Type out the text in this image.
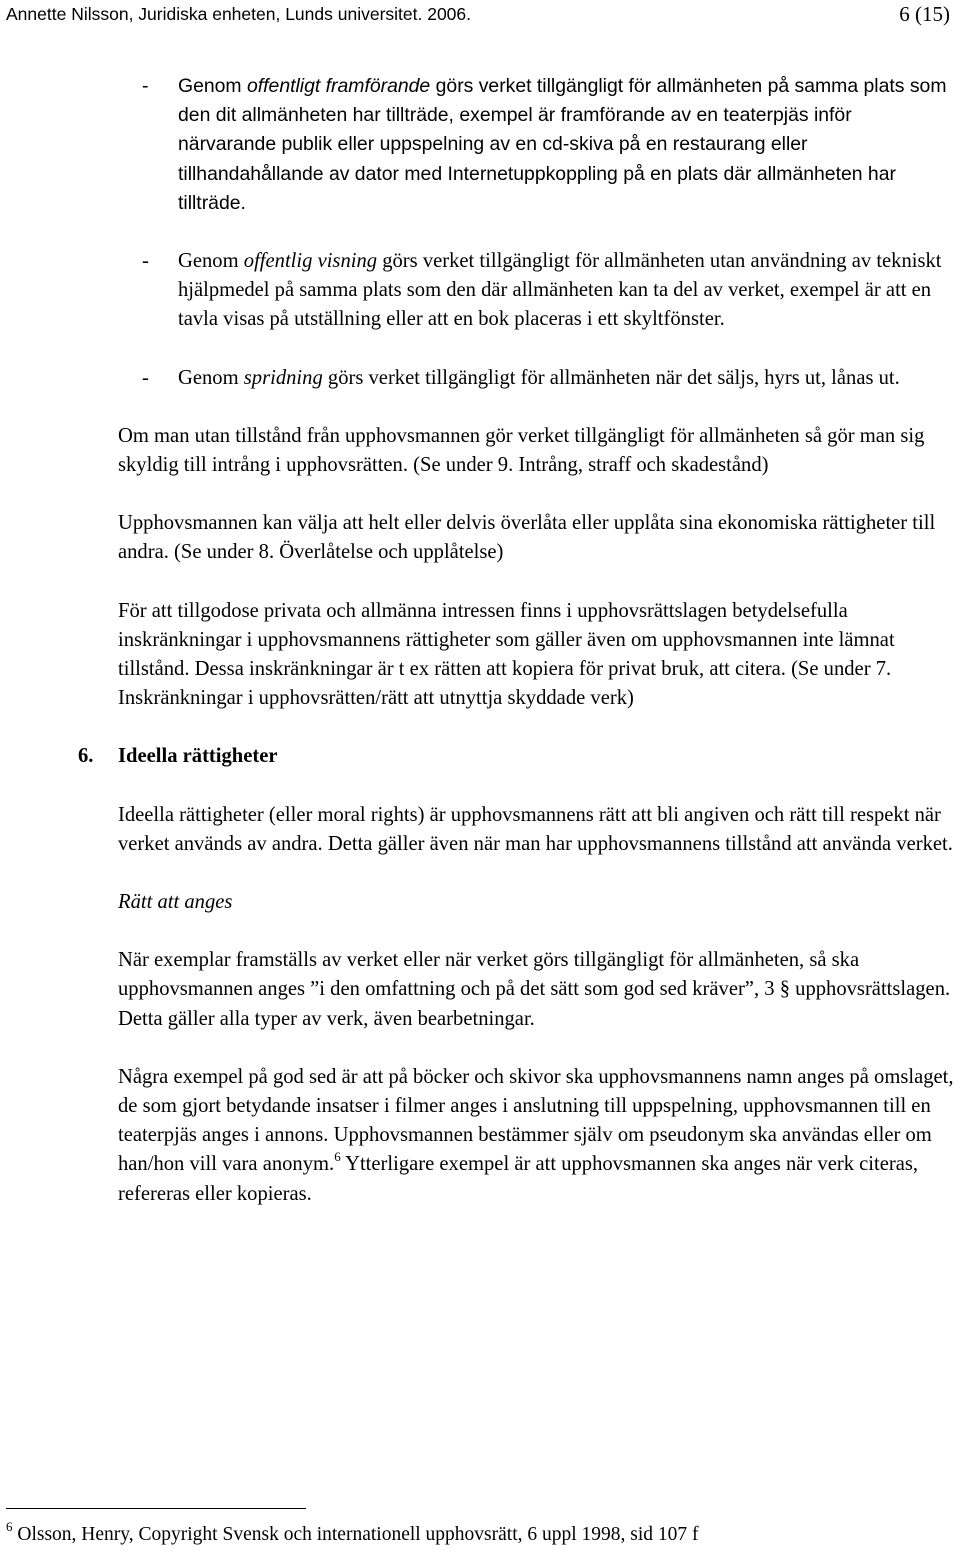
Annette Nilsson, Juridiska enheten, Lunds universitet. 2006.	6 (15)
- Genom offentligt framförande görs verket tillgängligt för allmänheten på samma plats som den dit allmänheten har tillträde, exempel är framförande av en teaterpjäs inför närvarande publik eller uppspelning av en cd-skiva på en restaurang eller tillhandahållande av dator med Internetuppkoppling på en plats där allmänheten har tillträde.
- Genom offentlig visning görs verket tillgängligt för allmänheten utan användning av tekniskt hjälpmedel på samma plats som den där allmänheten kan ta del av verket, exempel är att en tavla visas på utställning eller att en bok placeras i ett skyltfönster.
- Genom spridning görs verket tillgängligt för allmänheten när det säljs, hyrs ut, lånas ut.

Om man utan tillstånd från upphovsmannen gör verket tillgängligt för allmänheten så gör man sig skyldig till intrång i upphovsrätten. (Se under 9. Intrång, straff och skadestånd)

Upphovsmannen kan välja att helt eller delvis överlåta eller upplåta sina ekonomiska rättigheter till andra. (Se under 8. Överlåtelse och upplåtelse)

För att tillgodose privata och allmänna intressen finns i upphovsrättslagen betydelsefulla inskränkningar i upphovsmannens rättigheter som gäller även om upphovsmannen inte lämnat tillstånd. Dessa inskränkningar är t ex rätten att kopiera för privat bruk, att citera. (Se under 7. Inskränkningar i upphovsrätten/rätt att utnyttja skyddade verk)

6. Ideella rättigheter

Ideella rättigheter (eller moral rights) är upphovsmannens rätt att bli angiven och rätt till respekt när verket används av andra. Detta gäller även när man har upphovsmannens tillstånd att använda verket.

Rätt att anges

När exemplar framställs av verket eller när verket görs tillgängligt för allmänheten, så ska upphovsmannen anges ”i den omfattning och på det sätt som god sed kräver”, 3 § upphovsrättslagen. Detta gäller alla typer av verk, även bearbetningar.

Några exempel på god sed är att på böcker och skivor ska upphovsmannens namn anges på omslaget, de som gjort betydande insatser i filmer anges i anslutning till uppspelning, upphovsmannen till en teaterpjäs anges i annons. Upphovsmannen bestämmer själv om pseudonym ska användas eller om han/hon vill vara anonym.$^6$ Ytterligare exempel är att upphovsmannen ska anges när verk citeras, refereras eller kopieras.

$^6$ Olsson, Henry, Copyright Svensk och internationell upphovsrätt, 6 uppl 1998, sid 107 f
